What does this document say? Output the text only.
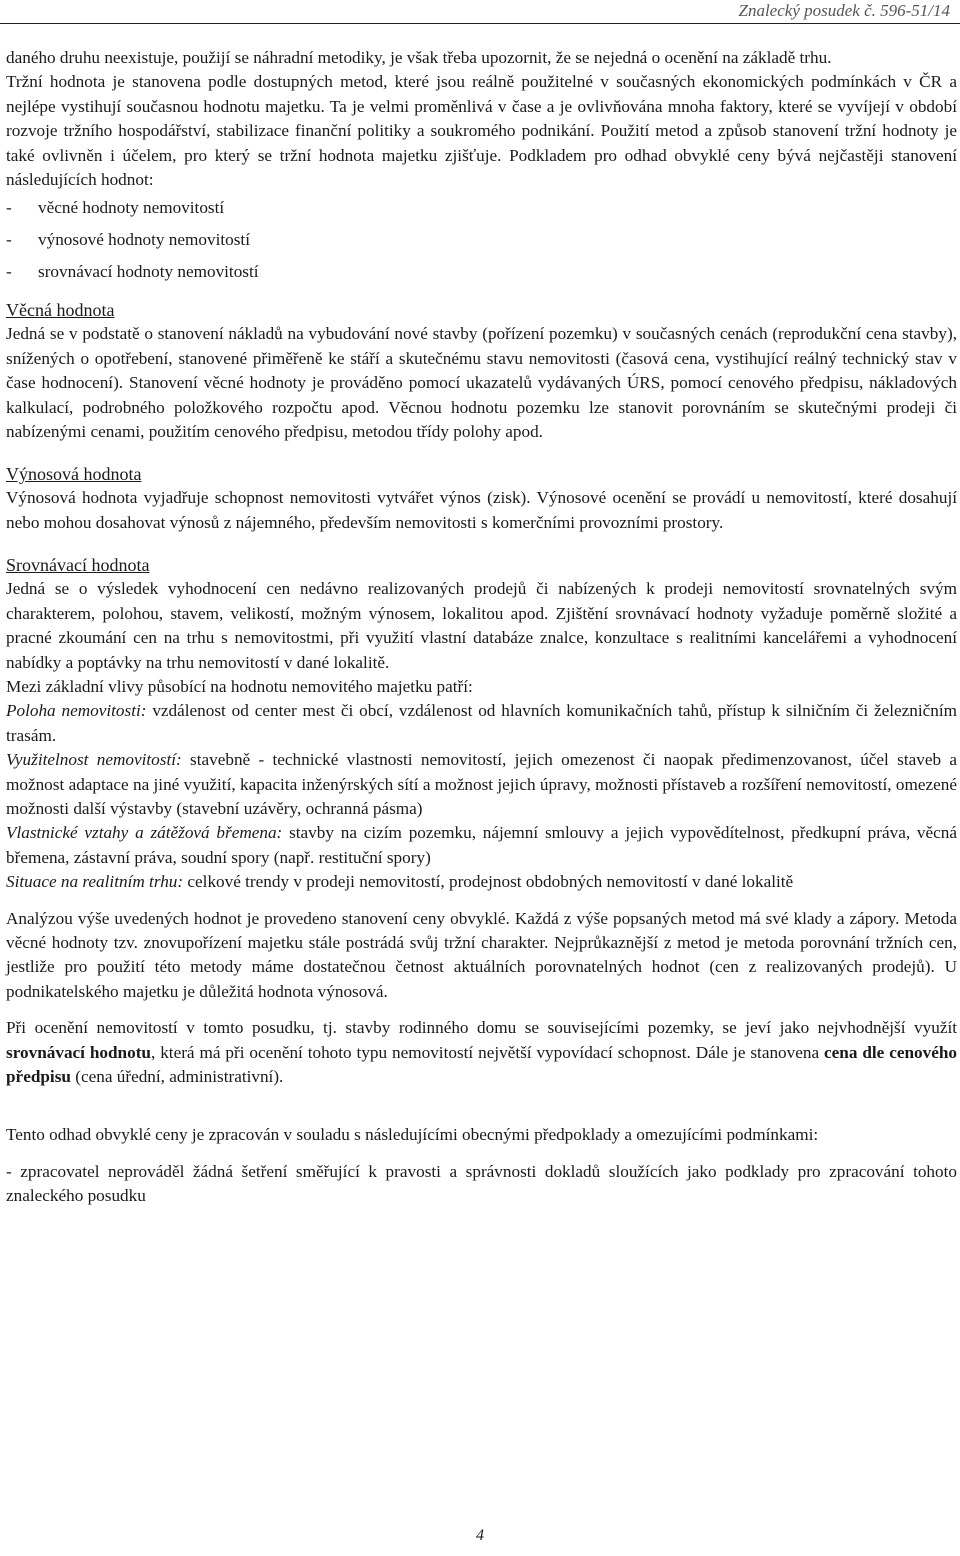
Znalecký posudek č. 596-51/14

daného druhu neexistuje, použijí se náhradní metodiky, je však třeba upozornit, že se nejedná o ocenění na základě trhu.

Tržní hodnota je stanovena podle dostupných metod, které jsou reálně použitelné v současných ekonomických podmínkách v ČR a nejlépe vystihují současnou hodnotu majetku. Ta je velmi proměnlivá v čase a je ovlivňována mnoha faktory, které se vyvíjejí v období rozvoje tržního hospodářství, stabilizace finanční politiky a soukromého podnikání. Použití metod a způsob stanovení tržní hodnoty je také ovlivněn i účelem, pro který se tržní hodnota majetku zjišťuje. Podkladem pro odhad obvyklé ceny bývá nejčastěji stanovení následujících hodnot:

-	věcné hodnoty nemovitostí
-	výnosové hodnoty nemovitostí
-	srovnávací hodnoty nemovitostí
Věcná hodnota

Jedná se v podstatě o stanovení nákladů na vybudování nové stavby (pořízení pozemku) v současných cenách (reprodukční cena stavby), snížených o opotřebení, stanovené přiměřeně ke stáří a skutečnému stavu nemovitosti (časová cena, vystihující reálný technický stav v čase hodnocení). Stanovení věcné hodnoty je prováděno pomocí ukazatelů vydávaných ÚRS, pomocí cenového předpisu, nákladových kalkulací, podrobného položkového rozpočtu apod. Věcnou hodnotu pozemku lze stanovit porovnáním se skutečnými prodeji či nabízenými cenami, použitím cenového předpisu, metodou třídy polohy apod.

Výnosová hodnota

Výnosová hodnota vyjadřuje schopnost nemovitosti vytvářet výnos (zisk). Výnosové ocenění se provádí u nemovitostí, které dosahují nebo mohou dosahovat výnosů z nájemného, především nemovitosti s komerčními provozními prostory.

Srovnávací hodnota

Jedná se o výsledek vyhodnocení cen nedávno realizovaných prodejů či nabízených k prodeji nemovitostí srovnatelných svým charakterem, polohou, stavem, velikostí, možným výnosem, lokalitou apod. Zjištění srovnávací hodnoty vyžaduje poměrně složité a pracné zkoumání cen na trhu s nemovitostmi, při využití vlastní databáze znalce, konzultace s realitními kancelářemi a vyhodnocení nabídky a poptávky na trhu nemovitostí v dané lokalitě.

Mezi základní vlivy působící na hodnotu nemovitého majetku patří:

Poloha nemovitosti: vzdálenost od center mest či obcí, vzdálenost od hlavních komunikačních tahů, přístup k silničním či železničním trasám.

Využitelnost nemovitostí: stavebně - technické vlastnosti nemovitostí, jejich omezenost či naopak předimenzovanost, účel staveb a možnost adaptace na jiné využití, kapacita inženýrských sítí a možnost jejich úpravy, možnosti přístaveb a rozšíření nemovitostí, omezené možnosti další výstavby (stavební uzávěry, ochranná pásma)

Vlastnické vztahy a zátěžová břemena: stavby na cizím pozemku, nájemní smlouvy a jejich vypovědítelnost, předkupní práva, věcná břemena, zástavní práva, soudní spory (např. restituční spory)

Situace na realitním trhu: celkové trendy v prodeji nemovitostí, prodejnost obdobných nemovitostí v dané lokalitě

Analýzou výše uvedených hodnot je provedeno stanovení ceny obvyklé. Každá z výše popsaných metod má své klady a zápory. Metoda věcné hodnoty tzv. znovupořízení majetku stále postrádá svůj tržní charakter. Nejprůkaznější z metod je metoda porovnání tržních cen, jestliže pro použití této metody máme dostatečnou četnost aktuálních porovnatelných hodnot (cen z realizovaných prodejů). U podnikatelského majetku je důležitá hodnota výnosová.

Při ocenění nemovitostí v tomto posudku, tj. stavby rodinného domu se souvisejícími pozemky, se jeví jako nejvhodnější využít srovnávací hodnotu, která má při ocenění tohoto typu nemovitostí největší vypovídací schopnost. Dále je stanovena cena dle cenového předpisu (cena úřední, administrativní).

Tento odhad obvyklé ceny je zpracován v souladu s následujícími obecnými předpoklady a omezujícími podmínkami:

- zpracovatel neprováděl žádná šetření směřující k pravosti a správnosti dokladů sloužících jako podklady pro zpracování tohoto znaleckého posudku

4
